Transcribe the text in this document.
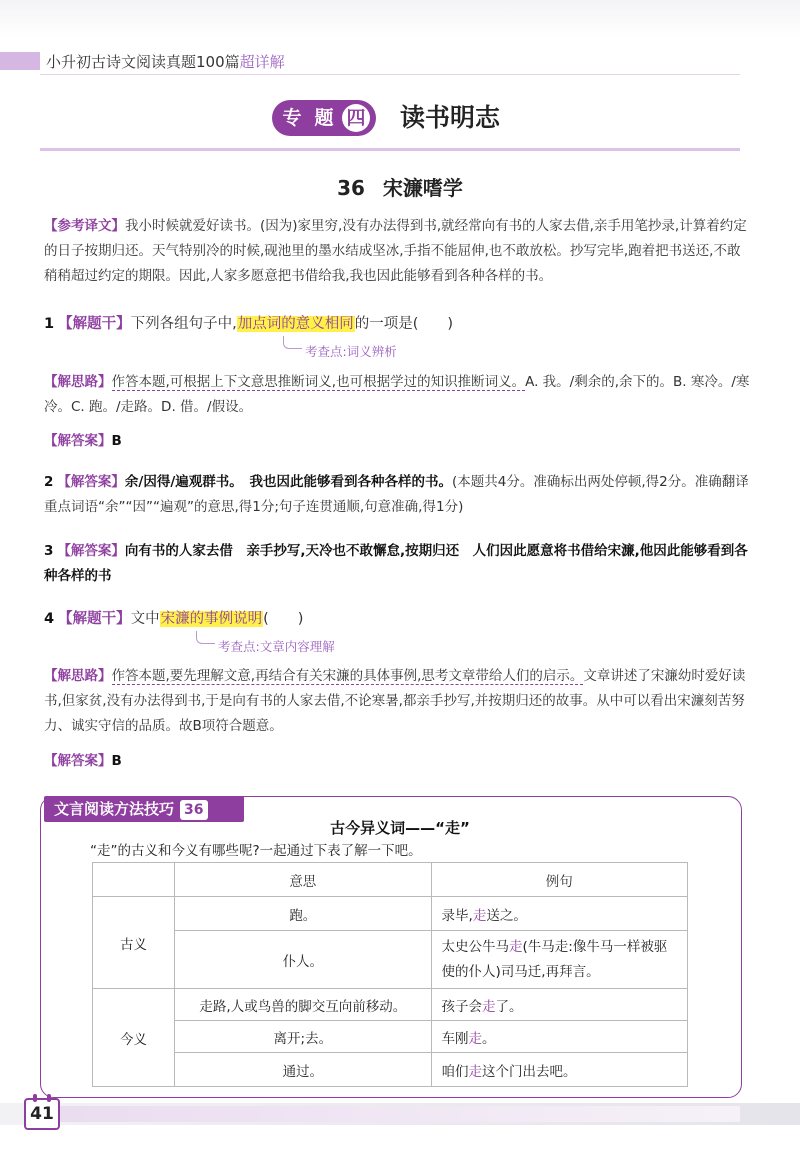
小升初古诗文阅读真题100篇超详解
专 题 四 读书明志
36 宋濂嗜学
【参考译文】我小时候就爱好读书。(因为)家里穷,没有办法得到书,就经常向有书的人家去借,亲手用笔抄录,计算着约定的日子按期归还。天气特别冷的时候,砚池里的墨水结成坚冰,手指不能屈伸,也不敢放松。抄写完毕,跑着把书送还,不敢稍稍超过约定的期限。因此,人家多愿意把书借给我,我也因此能够看到各种各样的书。
1 【解题干】下列各组句子中,加点词的意义相同的一项是(　　)
考查点:词义辨析
【解思路】作答本题,可根据上下文意思推断词义,也可根据学过的知识推断词义。A. 我。/剩余的,余下的。B. 寒冷。/寒冷。C. 跑。/走路。D. 借。/假设。
【解答案】B
2 【解答案】余/因得/遍观群书。　我也因此能够看到各种各样的书。(本题共4分。准确标出两处停顿,得2分。准确翻译重点词语“余”“因”“遍观”的意思,得1分;句子连贯通顺,句意准确,得1分)
3 【解答案】向有书的人家去借　亲手抄写,天冷也不敢懈怠,按期归还　人们因此愿意将书借给宋濂,他因此能够看到各种各样的书
4 【解题干】文中宋濂的事例说明(　　)
考查点:文章内容理解
【解思路】作答本题,要先理解文意,再结合有关宋濂的具体事例,思考文章带给人们的启示。文章讲述了宋濂幼时爱好读书,但家贫,没有办法得到书,于是向有书的人家去借,不论寒暑,都亲手抄写,并按期归还的故事。从中可以看出宋濂刻苦努力、诚实守信的品质。故B项符合题意。
【解答案】B
文言阅读方法技巧 36
古今异义词——“走”
“走”的古义和今义有哪些呢?一起通过下表了解一下吧。
	意思	例句
古义	跑。	录毕,走送之。
	仆人。	太史公牛马走(牛马走:像牛马一样被驱使的仆人)司马迁,再拜言。
今义	走路,人或鸟兽的脚交互向前移动。	孩子会走了。
	离开;去。	车刚走。
	通过。	咱们走这个门出去吧。
41
